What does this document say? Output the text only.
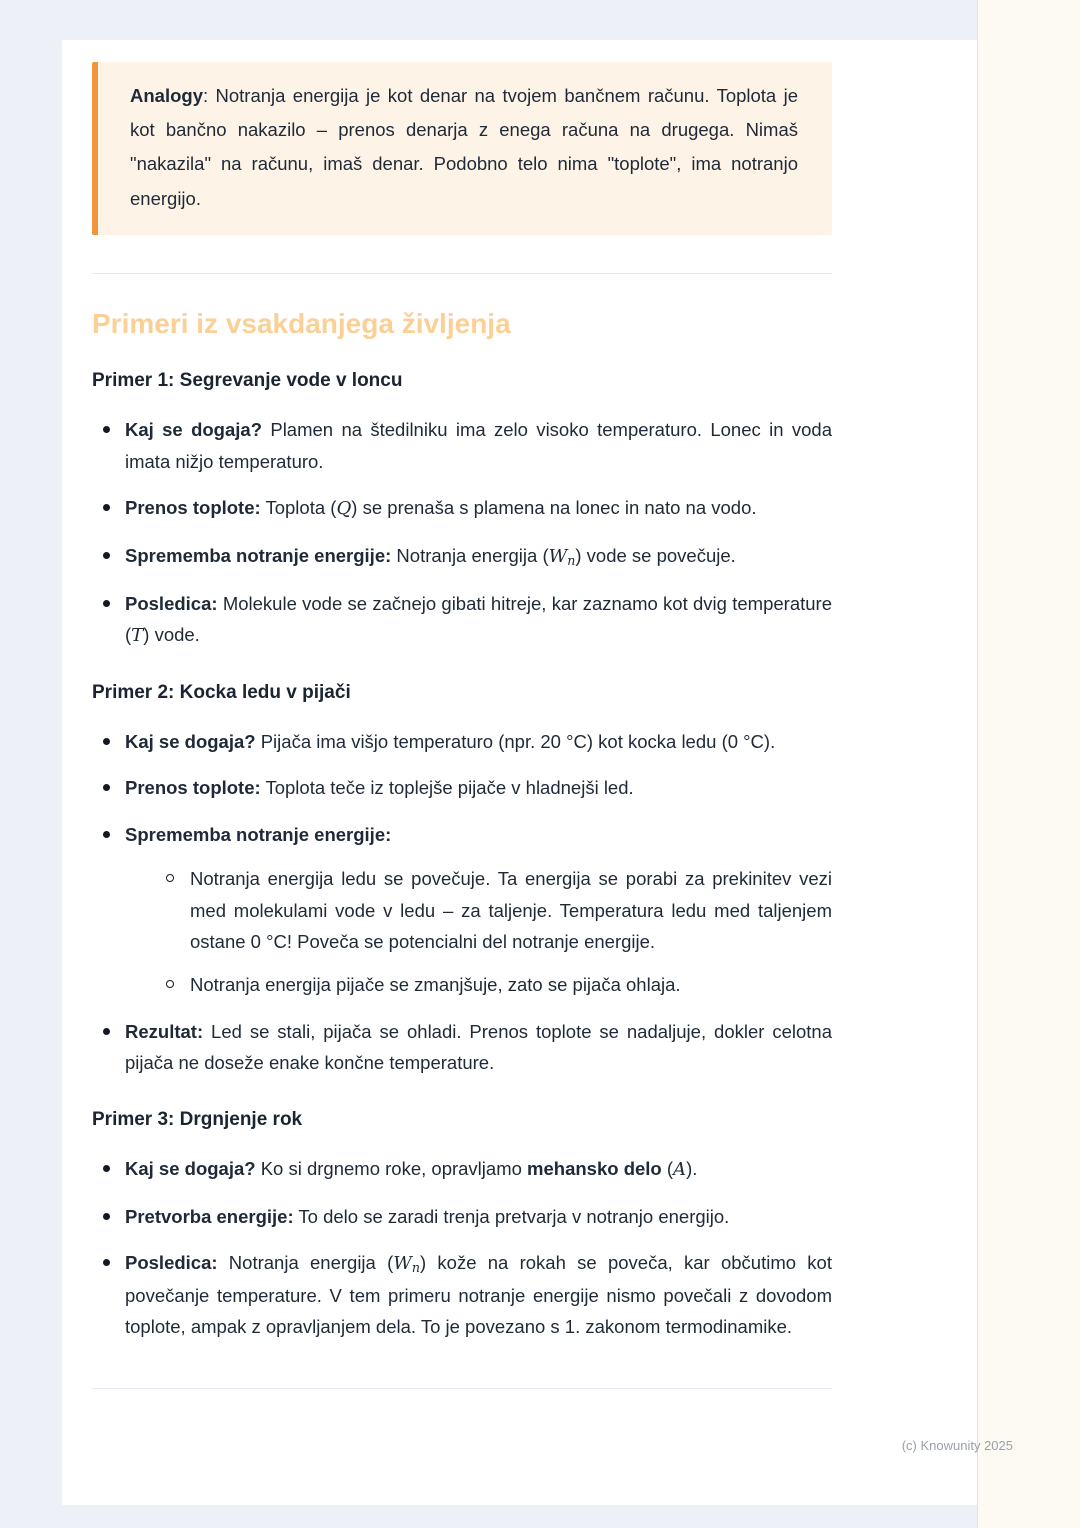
Analogy: Notranja energija je kot denar na tvojem bančnem računu. Toplota je kot bančno nakazilo – prenos denarja z enega računa na drugega. Nimaš "nakazila" na računu, imaš denar. Podobno telo nima "toplote", ima notranjo energijo.

Primeri iz vsakdanjega življenja
Primer 1: Segrevanje vode v loncu
Kaj se dogaja? Plamen na štedilniku ima zelo visoko temperaturo. Lonec in voda imata nižjo temperaturo.
Prenos toplote: Toplota (Q) se prenaša s plamena na lonec in nato na vodo.
Sprememba notranje energije: Notranja energija $(W_n)$ vode se povečuje.
Posledica: Molekule vode se začnejo gibati hitreje, kar zaznamo kot dvig temperature (T) vode.
Primer 2: Kocka ledu v pijači
Kaj se dogaja? Pijača ima višjo temperaturo (npr. 20 °C) kot kocka ledu (0 °C).
Prenos toplote: Toplota teče iz toplejše pijače v hladnejši led.
Sprememba notranje energije:
Notranja energija ledu se povečuje. Ta energija se porabi za prekinitev vezi med molekulami vode v ledu – za taljenje. Temperatura ledu med taljenjem ostane 0 °C! Poveča se potencialni del notranje energije.
Notranja energija pijače se zmanjšuje, zato se pijača ohlaja.
Rezultat: Led se stali, pijača se ohladi. Prenos toplote se nadaljuje, dokler celotna pijača ne doseže enake končne temperature.
Primer 3: Drgnjenje rok
Kaj se dogaja? Ko si drgnemo roke, opravljamo mehansko delo (A).
Pretvorba energije: To delo se zaradi trenja pretvarja v notranjo energijo.
Posledica: Notranja energija $(W_n)$ kože na rokah se poveča, kar občutimo kot povečanje temperature. V tem primeru notranje energije nismo povečali z dovodom toplote, ampak z opravljanjem dela. To je povezano s 1. zakonom termodinamike.
(c) Knowunity 2025
